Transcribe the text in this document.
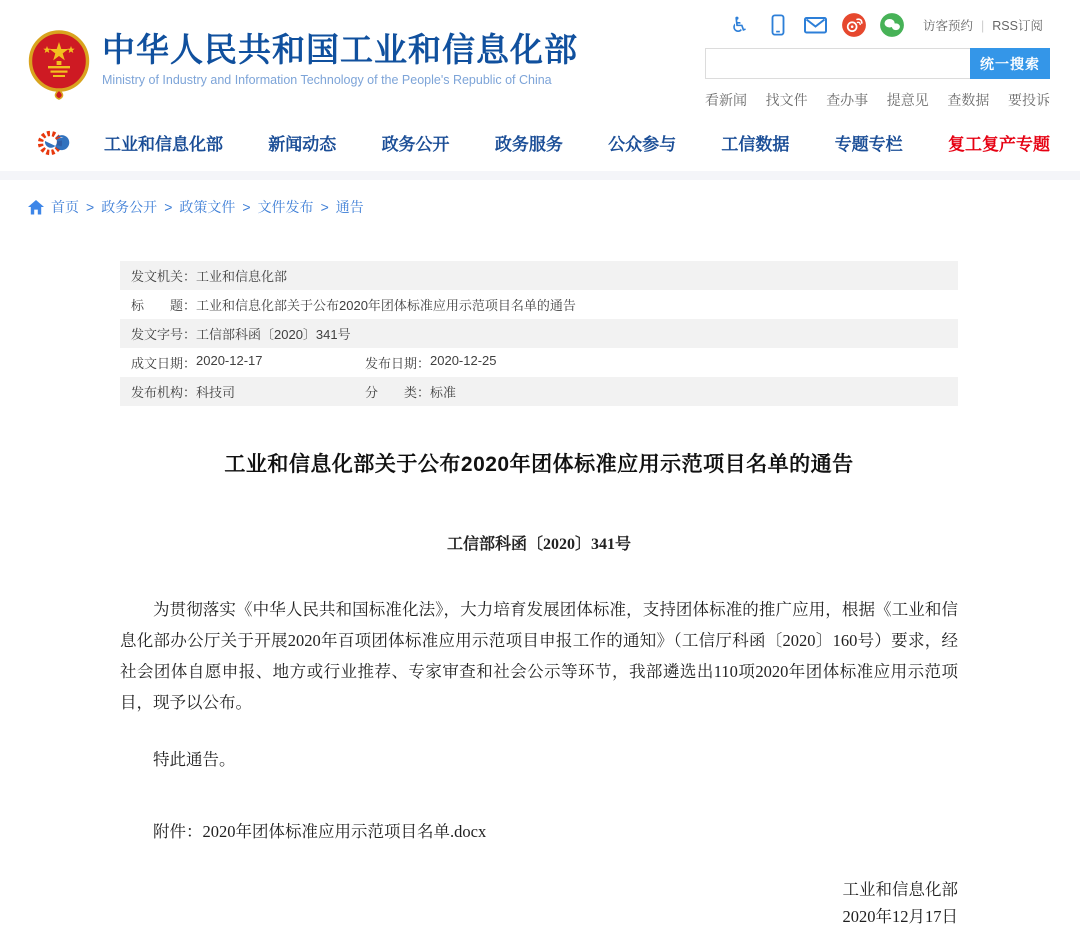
中华人民共和国工业和信息化部
Ministry of Industry and Information Technology of the People's Republic of China
♿	访客预约 | RSS订阅
统一搜索
看新闻 找文件 查办事 提意见 查数据 要投诉
工业和信息化部	新闻动态	政务公开	政务服务	公众参与	工信数据	专题专栏	复工复产专题
首页 > 政务公开 > 政策文件 > 文件发布 > 通告
发文机关： 工业和信息化部
标　　题： 工业和信息化部关于公布2020年团体标准应用示范项目名单的通告
发文字号： 工信部科函〔2020〕341号
成文日期： 2020-12-17	发布日期： 2020-12-25
发布机构： 科技司	分　　类： 标准
工业和信息化部关于公布2020年团体标准应用示范项目名单的通告
工信部科函〔2020〕341号

为贯彻落实《中华人民共和国标准化法》，大力培育发展团体标准，支持团体标准的推广应用，根据《工业和信息化部办公厅关于开展2020年百项团体标准应用示范项目申报工作的通知》（工信厅科函〔2020〕160号）要求，经社会团体自愿申报、地方或行业推荐、专家审查和社会公示等环节，我部遴选出110项2020年团体标准应用示范项目，现予以公布。

特此通告。

附件：2020年团体标准应用示范项目名单.docx
工业和信息化部
2020年12月17日
